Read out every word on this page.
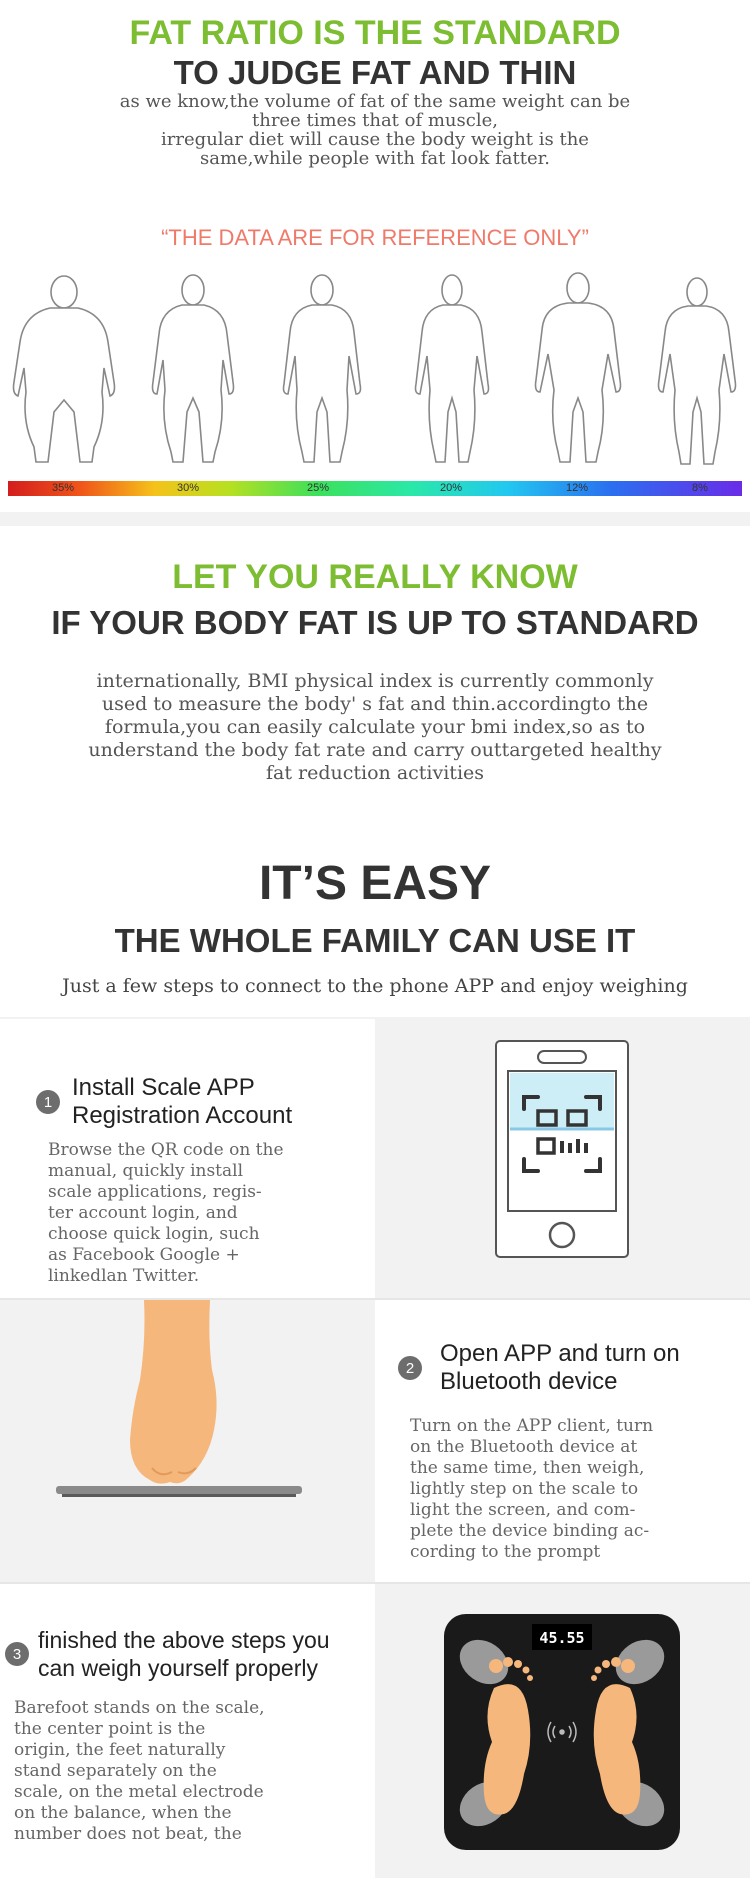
FAT RATIO IS THE STANDARD
TO JUDGE FAT AND THIN
as we know,the volume of fat of the same weight can be
three times that of muscle,
irregular diet will cause the body weight is the
same,while people with fat look fatter.
“THE DATA ARE FOR REFERENCE ONLY”
35%	30%	25%	20%	12%	8%
LET YOU REALLY KNOW
IF YOUR BODY FAT IS UP TO STANDARD
internationally, BMI physical index is currently commonly
used to measure the body' s fat and thin.accordingto the
formula,you can easily calculate your bmi index,so as to
understand the body fat rate and carry outtargeted healthy
fat reduction activities
IT’S EASY
THE WHOLE FAMILY CAN USE IT
Just a few steps to connect to the phone APP and enjoy weighing
1
Install Scale APP
Registration Account
Browse the QR code on the
manual, quickly install
scale applications, regis-
ter account login, and
choose quick login, such
as Facebook Google +
linkedlan Twitter.
2
Open APP and turn on
Bluetooth device
Turn on the APP client, turn
on the Bluetooth device at
the same time, then weigh,
lightly step on the scale to
light the screen, and com-
plete the device binding ac-
cording to the prompt
3
finished the above steps you
can weigh yourself properly
Barefoot stands on the scale,
the center point is the
origin, the feet naturally
stand separately on the
scale, on the metal electrode
on the balance, when the
number does not beat, the
45.55
